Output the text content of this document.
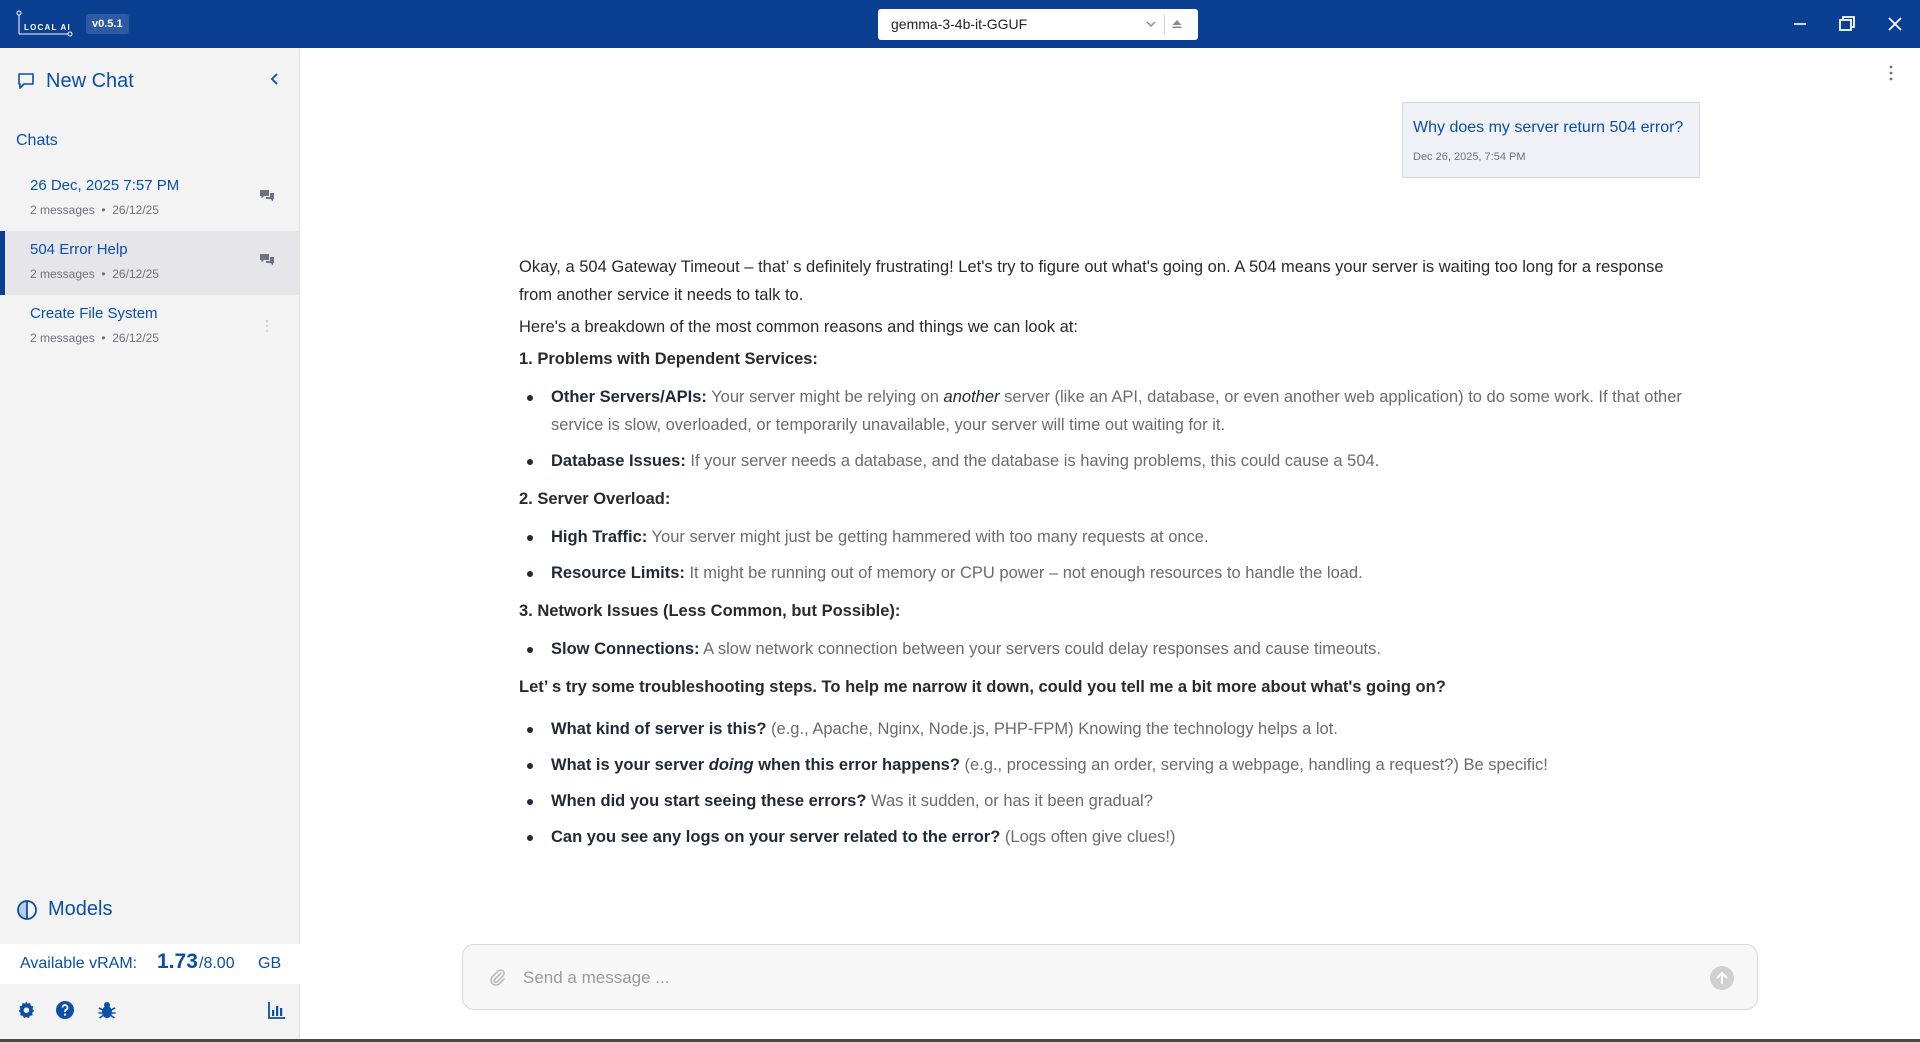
LOCAL AI	v0.5.1	gemma-3-4b-it-GGUF
New Chat
Chats
26 Dec, 2025 7:57 PM
2 messages • 26/12/25
504 Error Help
2 messages • 26/12/25
Create File System
2 messages • 26/12/25
Models
Available vRAM: 1.73 /8.00 GB
Why does my server return 504 error?
Dec 26, 2025, 7:54 PM

Okay, a 504 Gateway Timeout – that’ s definitely frustrating! Let's try to figure out what's going on. A 504 means your server is waiting too long for a response from another service it needs to talk to.

Here's a breakdown of the most common reasons and things we can look at:

1. Problems with Dependent Services:

Other Servers/APIs: Your server might be relying on another server (like an API, database, or even another web application) to do some work. If that other service is slow, overloaded, or temporarily unavailable, your server will time out waiting for it.
Database Issues: If your server needs a database, and the database is having problems, this could cause a 504.

2. Server Overload:

High Traffic: Your server might just be getting hammered with too many requests at once.
Resource Limits: It might be running out of memory or CPU power – not enough resources to handle the load.

3. Network Issues (Less Common, but Possible):

Slow Connections: A slow network connection between your servers could delay responses and cause timeouts.

Let’ s try some troubleshooting steps. To help me narrow it down, could you tell me a bit more about what's going on?

What kind of server is this? (e.g., Apache, Nginx, Node.js, PHP-FPM) Knowing the technology helps a lot.
What is your server doing when this error happens? (e.g., processing an order, serving a webpage, handling a request?) Be specific!
When did you start seeing these errors? Was it sudden, or has it been gradual?
Can you see any logs on your server related to the error? (Logs often give clues!)
Send a message ...
